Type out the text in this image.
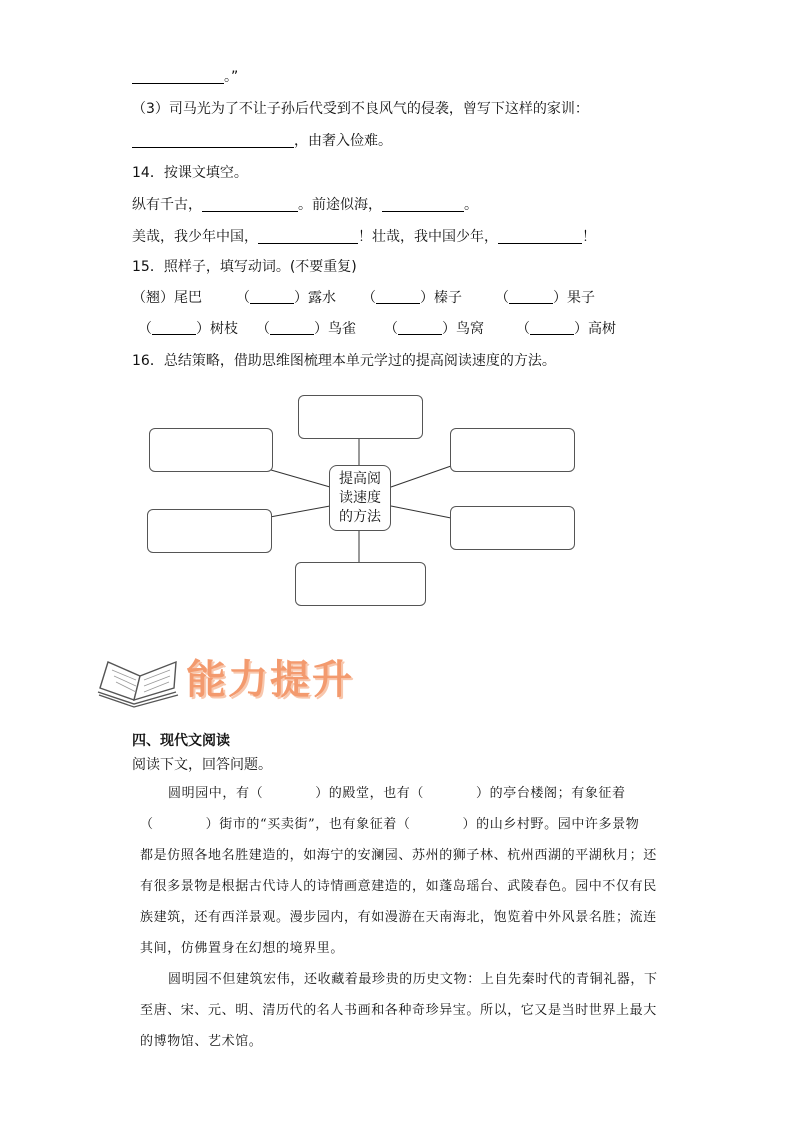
。”
（3）司马光为了不让子孙后代受到不良风气的侵袭，曾写下这样的家训：
，由奢入俭难。
14．按课文填空。
纵有千古，	。前途似海，	。
美哉，我少年中国，	！壮哉，我中国少年，	！
15．照样子，填写动词。(不要重复)
（翘）尾巴 （	）露水 （	）榛子 （	）果子
（	）树枝 （	）鸟雀 （	）鸟窝 （	）高树
16．总结策略，借助思维图梳理本单元学过的提高阅读速度的方法。
提高阅
读速度
的方法
能力提升
四、现代文阅读
阅读下文，回答问题。

圆明园中，有（	）的殿堂，也有（	）的亭台楼阁；有象征着

（	）街市的“买卖街”，也有象征着（	）的山乡村野。园中许多景物

都是仿照各地名胜建造的，如海宁的安澜园、苏州的狮子林、杭州西湖的平湖秋月；还

有很多景物是根据古代诗人的诗情画意建造的，如蓬岛瑶台、武陵春色。园中不仅有民

族建筑，还有西洋景观。漫步园内，有如漫游在天南海北，饱览着中外风景名胜；流连

其间，仿佛置身在幻想的境界里。

圆明园不但建筑宏伟，还收藏着最珍贵的历史文物：上自先秦时代的青铜礼器，下

至唐、宋、元、明、清历代的名人书画和各种奇珍异宝。所以，它又是当时世界上最大

的博物馆、艺术馆。
